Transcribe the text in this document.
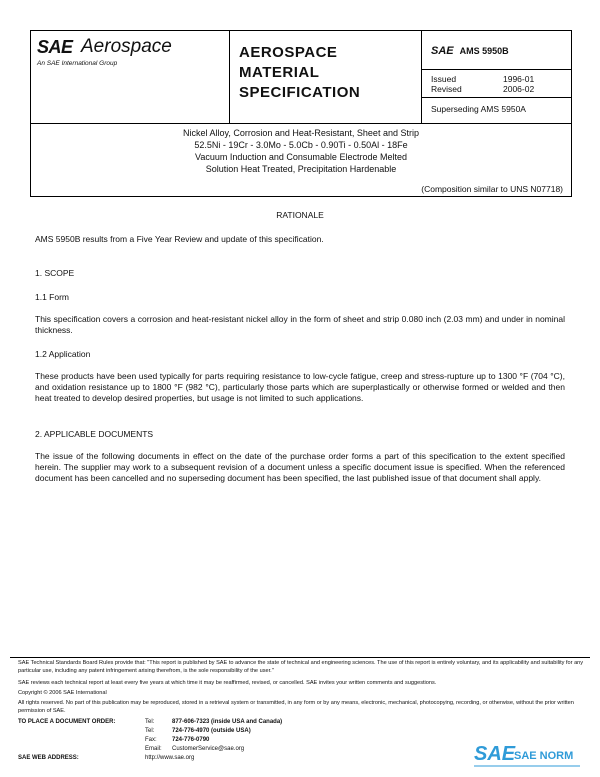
SAE Aerospace
An SAE International Group
AEROSPACE
MATERIAL
SPECIFICATION
SAE AMS 5950B
Issued	1996-01
Revised	2006-02
Superseding AMS 5950A
Nickel Alloy, Corrosion and Heat-Resistant, Sheet and Strip
52.5Ni - 19Cr - 3.0Mo - 5.0Cb - 0.90Ti - 0.50Al - 18Fe
Vacuum Induction and Consumable Electrode Melted
Solution Heat Treated, Precipitation Hardenable
(Composition similar to UNS N07718)
RATIONALE
AMS 5950B results from a Five Year Review and update of this specification.
1. SCOPE
1.1 Form
This specification covers a corrosion and heat-resistant nickel alloy in the form of sheet and strip 0.080 inch (2.03 mm) and under in nominal thickness.
1.2 Application
These products have been used typically for parts requiring resistance to low-cycle fatigue, creep and stress-rupture up to 1300 °F (704 °C), and oxidation resistance up to 1800 °F (982 °C), particularly those parts which are superplastically or otherwise formed or welded and then heat treated to develop desired properties, but usage is not limited to such applications.
2. APPLICABLE DOCUMENTS
The issue of the following documents in effect on the date of the purchase order forms a part of this specification to the extent specified herein. The supplier may work to a subsequent revision of a document unless a specific document issue is specified. When the referenced document has been cancelled and no superseding document has been specified, the last published issue of that document shall apply.
SAE Technical Standards Board Rules provide that: "This report is published by SAE to advance the state of technical and engineering sciences. The use of this report is entirely voluntary, and its applicability and suitability for any particular use, including any patent infringement arising therefrom, is the sole responsibility of the user."
SAE reviews each technical report at least every five years at which time it may be reaffirmed, revised, or cancelled. SAE invites your written comments and suggestions.
Copyright © 2006 SAE International
All rights reserved. No part of this publication may be reproduced, stored in a retrieval system or transmitted, in any form or by any means, electronic, mechanical, photocopying, recording, or otherwise, without the prior written permission of SAE.
TO PLACE A DOCUMENT ORDER:	Tel:	877-606-7323 (inside USA and Canada)
Tel:	724-776-4970 (outside USA)
Fax:	724-776-0790
Email: CustomerService@sae.org
SAE WEB ADDRESS:	http://www.sae.org	SAE
SAE NORM
